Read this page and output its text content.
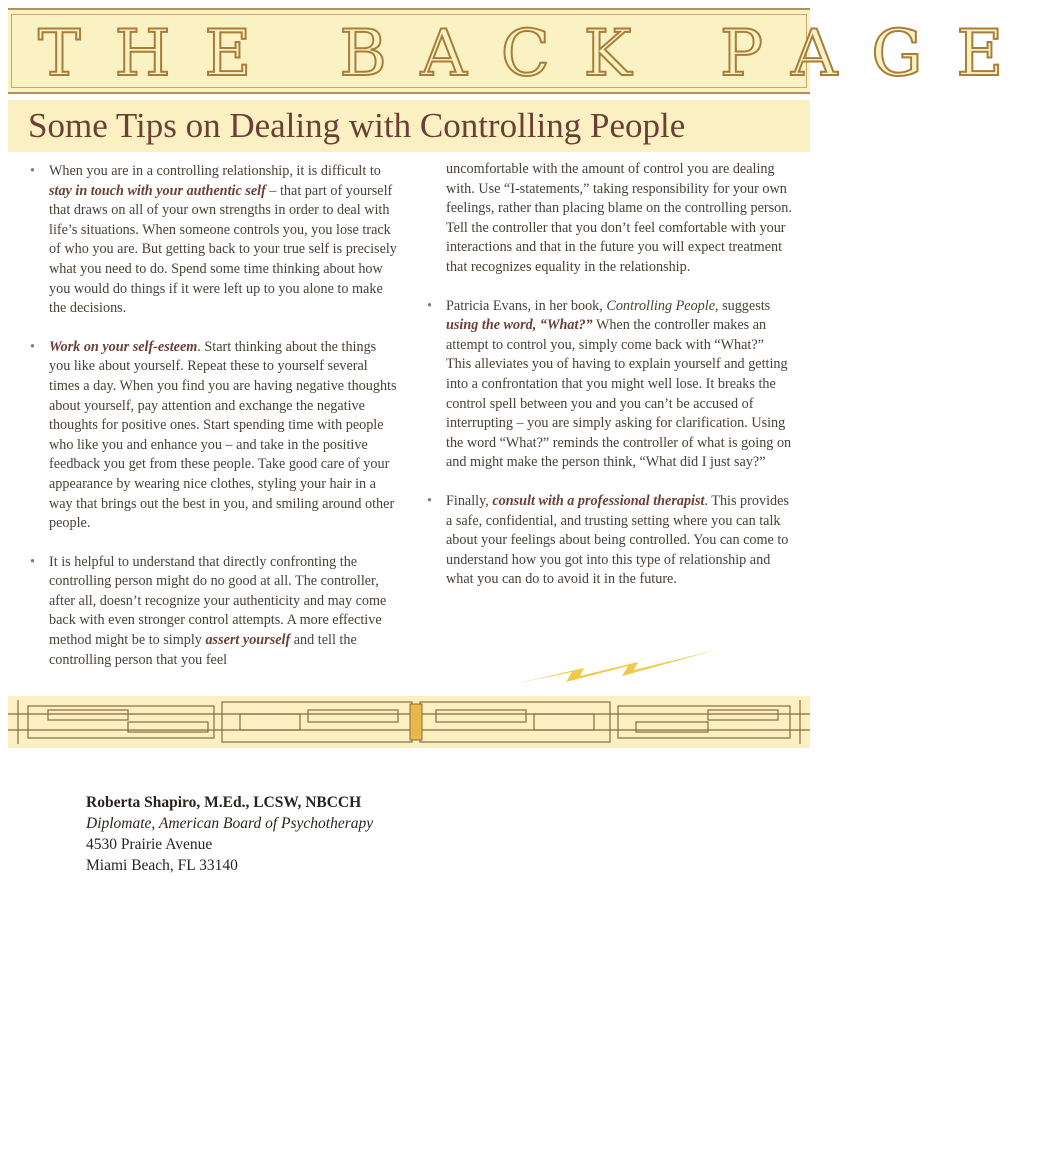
THE BACK PAGE
Some Tips on Dealing with Controlling People

• When you are in a controlling relationship, it is difficult to stay in touch with your authentic self – that part of yourself that draws on all of your own strengths in order to deal with life’s situations. When someone controls you, you lose track of who you are. But getting back to your true self is precisely what you need to do. Spend some time thinking about how you would do things if it were left up to you alone to make the decisions.

• Work on your self-esteem. Start thinking about the things you like about yourself. Repeat these to yourself several times a day. When you find you are having negative thoughts about yourself, pay attention and exchange the negative thoughts for positive ones. Start spending time with people who like you and enhance you – and take in the positive feedback you get from these people. Take good care of your appearance by wearing nice clothes, styling your hair in a way that brings out the best in you, and smiling around other people.

• It is helpful to understand that directly confronting the controlling person might do no good at all. The controller, after all, doesn’t recognize your authenticity and may come back with even stronger control attempts. A more effective method might be to simply assert yourself and tell the controlling person that you feel

uncomfortable with the amount of control you are dealing with. Use “I-statements,” taking responsibility for your own feelings, rather than placing blame on the controlling person. Tell the controller that you don’t feel comfortable with your interactions and that in the future you will expect treatment that recognizes equality in the relationship.

• Patricia Evans, in her book, Controlling People, suggests using the word, “What?” When the controller makes an attempt to control you, simply come back with “What?” This alleviates you of having to explain yourself and getting into a confrontation that you might well lose. It breaks the control spell between you and you can’t be accused of interrupting – you are simply asking for clarification. Using the word “What?” reminds the controller of what is going on and might make the person think, “What did I just say?”

• Finally, consult with a professional therapist. This provides a safe, confidential, and trusting setting where you can talk about your feelings about being controlled. You can come to understand how you got into this type of relationship and what you can do to avoid it in the future.

Roberta Shapiro, M.Ed., LCSW, NBCCH
Diplomate, American Board of Psychotherapy
4530 Prairie Avenue
Miami Beach, FL 33140
